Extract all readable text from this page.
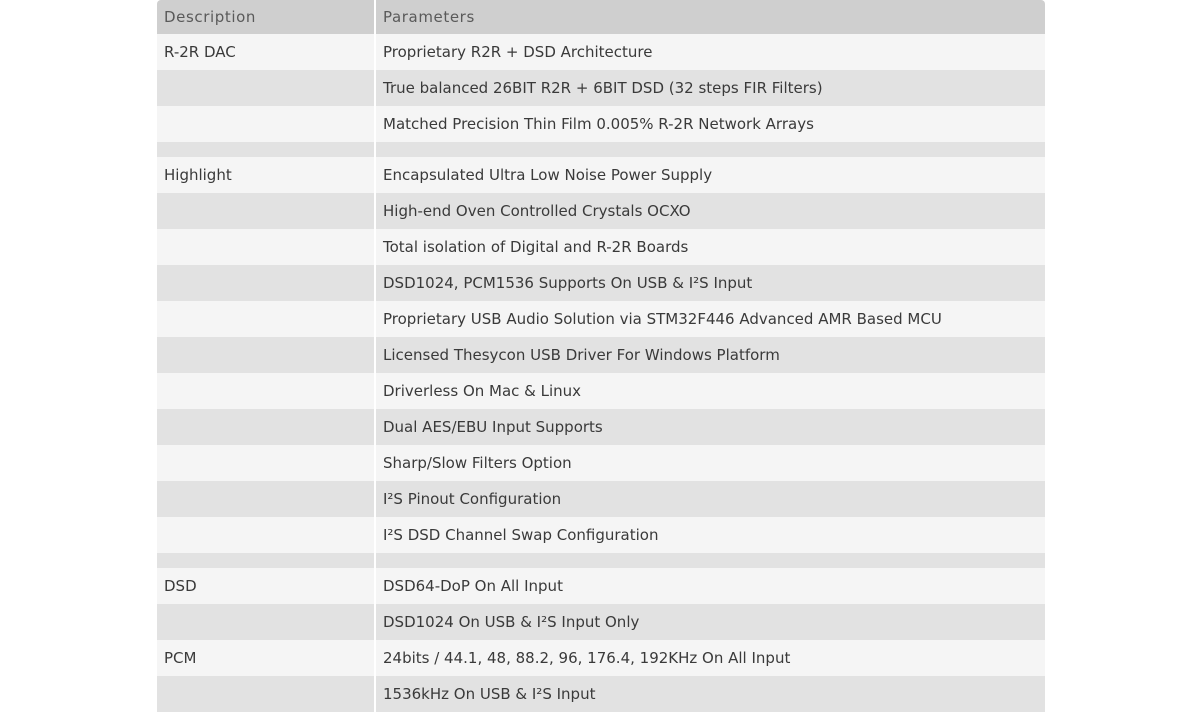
Description	Parameters
R-2R DAC	Proprietary R2R + DSD Architecture
	True balanced 26BIT R2R + 6BIT DSD (32 steps FIR Filters)
	Matched Precision Thin Film 0.005% R-2R Network Arrays

Highlight	Encapsulated Ultra Low Noise Power Supply
	High-end Oven Controlled Crystals OCXO
	Total isolation of Digital and R-2R Boards
	DSD1024, PCM1536 Supports On USB & I²S Input
	Proprietary USB Audio Solution via STM32F446 Advanced AMR Based MCU
	Licensed Thesycon USB Driver For Windows Platform
	Driverless On Mac & Linux
	Dual AES/EBU Input Supports
	Sharp/Slow Filters Option
	I²S Pinout Configuration
	I²S DSD Channel Swap Configuration

DSD	DSD64-DoP On All Input
	DSD1024 On USB & I²S Input Only
PCM	24bits / 44.1, 48, 88.2, 96, 176.4, 192KHz On All Input
	1536kHz On USB & I²S Input
